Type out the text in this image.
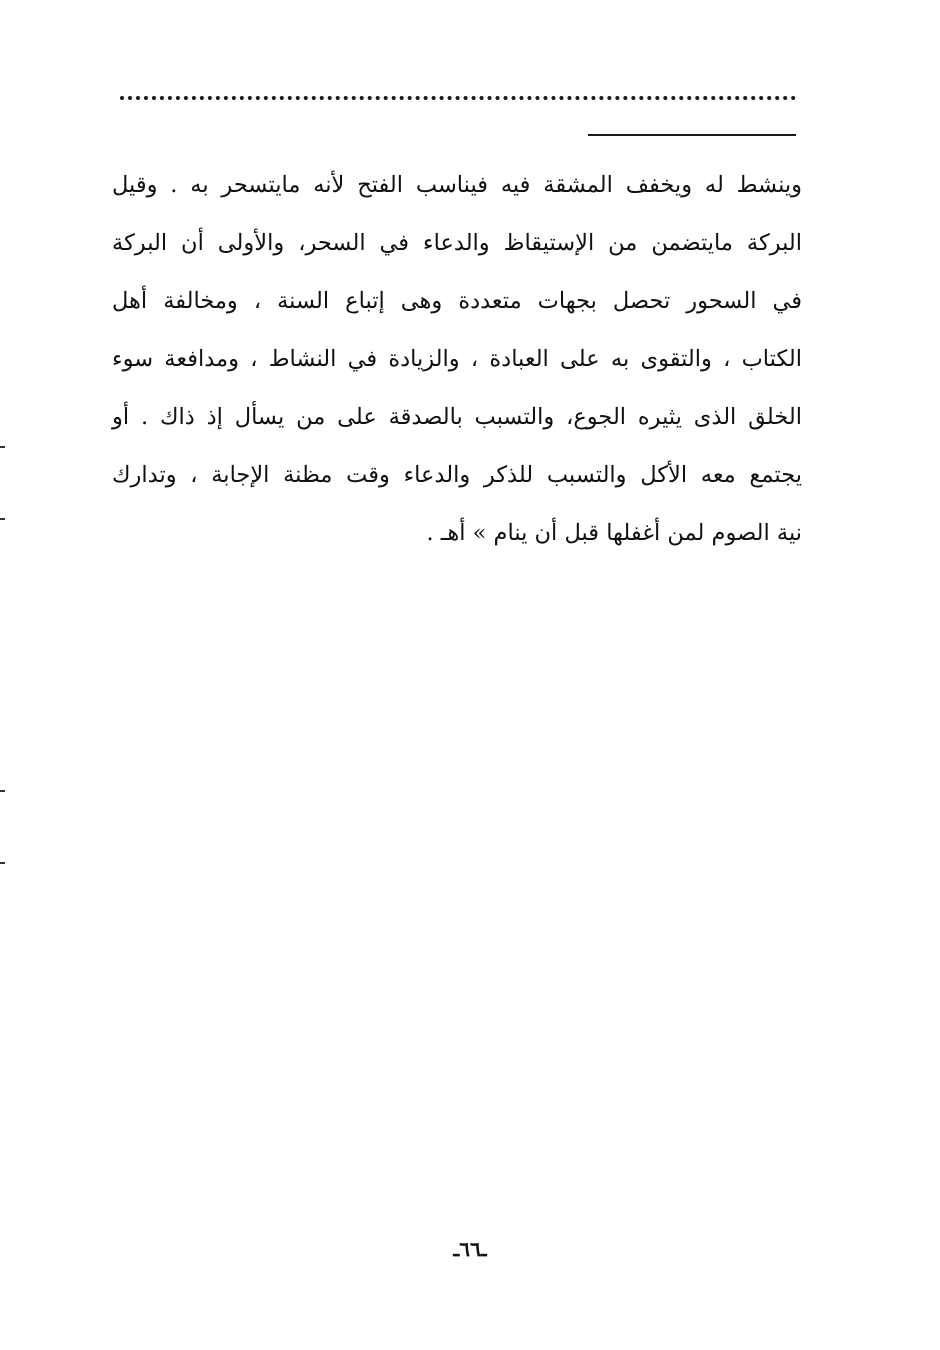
وينشط له ويخفف المشقة فيه فيناسب الفتح لأنه مايتسحر به . وقيل
البركة مايتضمن من الإستيقاظ والدعاء في السحر، والأولى أن البركة
في السحور تحصل بجهات متعددة وهى إتباع السنة ، ومخالفة أهل
الكتاب ، والتقوى به على العبادة ، والزيادة في النشاط ، ومدافعة سوء
الخلق الذى يثيره الجوع، والتسبب بالصدقة على من يسأل إذ ذاك . أو
يجتمع معه الأكل والتسبب للذكر والدعاء وقت مظنة الإجابة ، وتدارك
نية الصوم لمن أغفلها قبل أن ينام » أهـ .
ـ٦٦ـ
